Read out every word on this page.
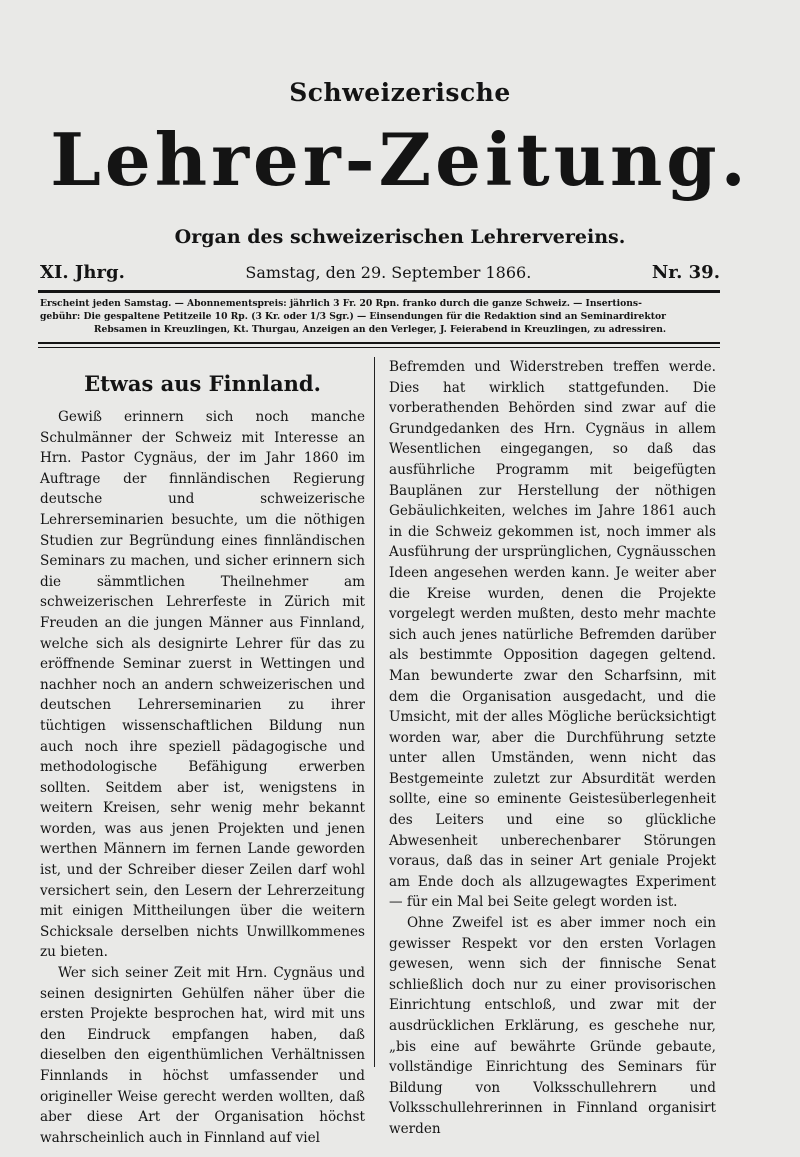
Schweizerische
Lehrer-Zeitung.
Organ des schweizerischen Lehrervereins.
XI. Jhrg.	Samstag, den 29. September 1866.	Nr. 39.
Erscheint jeden Samstag. — Abonnementspreis: jährlich 3 Fr. 20 Rpn. franko durch die ganze Schweiz. — Insertions-
gebühr: Die gespaltene Petitzeile 10 Rp. (3 Kr. oder 1/3 Sgr.) — Einsendungen für die Redaktion sind an Seminardirektor
Rebsamen in Kreuzlingen, Kt. Thurgau, Anzeigen an den Verleger, J. Feierabend in Kreuzlingen, zu adressiren.
Etwas aus Finnland.

Gewiß erinnern sich noch manche Schulmänner der Schweiz mit Interesse an Hrn. Pastor Cygnäus, der im Jahr 1860 im Auftrage der finnländischen Regierung deutsche und schweizerische Lehrerseminarien besuchte, um die nöthigen Studien zur Begründung eines finnländischen Seminars zu machen, und sicher erinnern sich die sämmtlichen Theilnehmer am schweizerischen Lehrerfeste in Zürich mit Freuden an die jungen Männer aus Finnland, welche sich als designirte Lehrer für das zu eröffnende Seminar zuerst in Wettingen und nachher noch an andern schweizerischen und deutschen Lehrerseminarien zu ihrer tüchtigen wissenschaftlichen Bildung nun auch noch ihre speziell pädagogische und methodologische Befähigung erwerben sollten. Seitdem aber ist, wenigstens in weitern Kreisen, sehr wenig mehr bekannt worden, was aus jenen Projekten und jenen werthen Männern im fernen Lande geworden ist, und der Schreiber dieser Zeilen darf wohl versichert sein, den Lesern der Lehrerzeitung mit einigen Mittheilungen über die weitern Schicksale derselben nichts Unwillkommenes zu bieten.

Wer sich seiner Zeit mit Hrn. Cygnäus und seinen designirten Gehülfen näher über die ersten Projekte besprochen hat, wird mit uns den Eindruck empfangen haben, daß dieselben den eigenthümlichen Verhältnissen Finnlands in höchst umfassender und origineller Weise gerecht werden wollten, daß aber diese Art der Organisation höchst wahrscheinlich auch in Finnland auf viel

Befremden und Widerstreben treffen werde. Dies hat wirklich stattgefunden. Die vorberathenden Behörden sind zwar auf die Grundgedanken des Hrn. Cygnäus in allem Wesentlichen eingegangen, so daß das ausführliche Programm mit beigefügten Bauplänen zur Herstellung der nöthigen Gebäulichkeiten, welches im Jahre 1861 auch in die Schweiz gekommen ist, noch immer als Ausführung der ursprünglichen, Cygnäusschen Ideen angesehen werden kann. Je weiter aber die Kreise wurden, denen die Projekte vorgelegt werden mußten, desto mehr machte sich auch jenes natürliche Befremden darüber als bestimmte Opposition dagegen geltend. Man bewunderte zwar den Scharfsinn, mit dem die Organisation ausgedacht, und die Umsicht, mit der alles Mögliche berücksichtigt worden war, aber die Durchführung setzte unter allen Umständen, wenn nicht das Bestgemeinte zuletzt zur Absurdität werden sollte, eine so eminente Geistesüberlegenheit des Leiters und eine so glückliche Abwesenheit unberechenbarer Störungen voraus, daß das in seiner Art geniale Projekt am Ende doch als allzugewagtes Experiment — für ein Mal bei Seite gelegt worden ist.

Ohne Zweifel ist es aber immer noch ein gewisser Respekt vor den ersten Vorlagen gewesen, wenn sich der finnische Senat schließlich doch nur zu einer provisorischen Einrichtung entschloß, und zwar mit der ausdrücklichen Erklärung, es geschehe nur, „bis eine auf bewährte Gründe gebaute, vollständige Einrichtung des Seminars für Bildung von Volksschullehrern und Volksschullehrerinnen in Finnland organisirt werden
